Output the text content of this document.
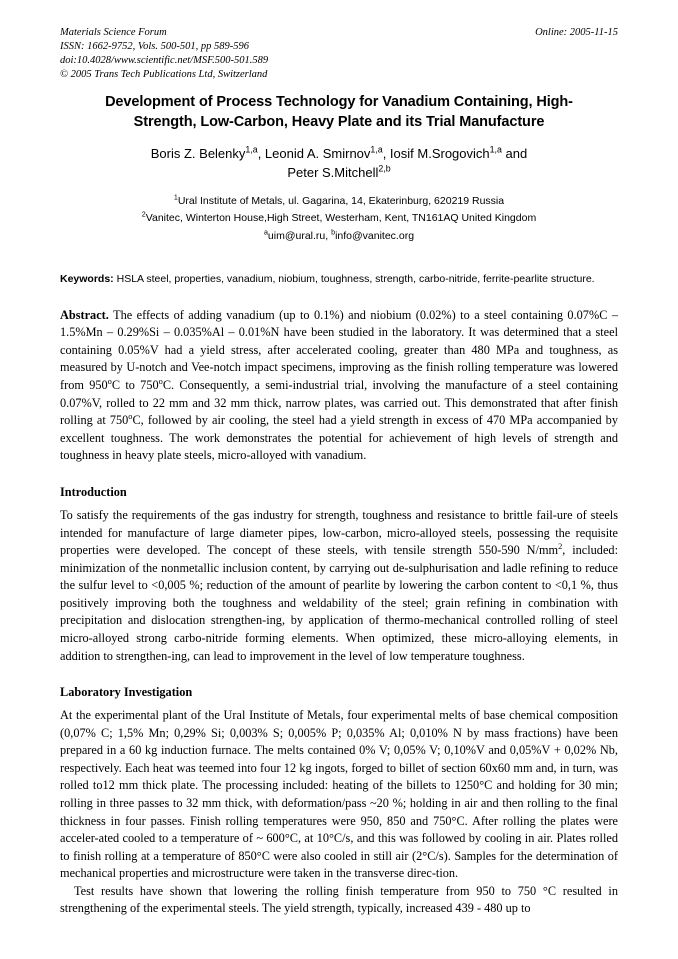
Online: 2005-11-15
Materials Science Forum
ISSN: 1662-9752, Vols. 500-501, pp 589-596
doi:10.4028/www.scientific.net/MSF.500-501.589
© 2005 Trans Tech Publications Ltd, Switzerland
Development of Process Technology for Vanadium Containing, High-
Strength, Low-Carbon, Heavy Plate and its Trial Manufacture
Boris Z. Belenky$^{1,a}$, Leonid A. Smirnov$^{1,a}$, Iosif M.Srogovich$^{1,a}$ and
Peter S.Mitchell$^{2,b}$
$^1$Ural Institute of Metals, ul. Gagarina, 14, Ekaterinburg, 620219 Russia
$^2$Vanitec, Winterton House,High Street, Westerham, Kent, TN161AQ United Kingdom
$^a$uim@ural.ru, $^b$info@vanitec.org
Keywords: HSLA steel, properties, vanadium, niobium, toughness, strength, carbo-nitride, ferrite-pearlite structure.
Abstract. The effects of adding vanadium (up to 0.1%) and niobium (0.02%) to a steel containing 0.07%C – 1.5%Mn – 0.29%Si – 0.035%Al – 0.01%N have been studied in the laboratory. It was determined that a steel containing 0.05%V had a yield stress, after accelerated cooling, greater than 480 MPa and toughness, as measured by U-notch and Vee-notch impact specimens, improving as the finish rolling temperature was lowered from 950$^o$C to 750$^o$C. Consequently, a semi-industrial trial, involving the manufacture of a steel containing 0.07%V, rolled to 22 mm and 32 mm thick, narrow plates, was carried out. This demonstrated that after finish rolling at 750$^o$C, followed by air cooling, the steel had a yield strength in excess of 470 MPa accompanied by excellent toughness. The work demonstrates the potential for achievement of high levels of strength and toughness in heavy plate steels, micro-alloyed with vanadium.
Introduction

To satisfy the requirements of the gas industry for strength, toughness and resistance to brittle fail-ure of steels intended for manufacture of large diameter pipes, low-carbon, micro-alloyed steels, possessing the requisite properties were developed. The concept of these steels, with tensile strength 550-590 $N/mm^2$, included: minimization of the nonmetallic inclusion content, by carrying out de-sulphurisation and ladle refining to reduce the sulfur level to <0,005 %; reduction of the amount of pearlite by lowering the carbon content to <0,1 %, thus positively improving both the toughness and weldability of the steel; grain refining in combination with precipitation and dislocation strengthen-ing, by application of thermo-mechanical controlled rolling of steel micro-alloyed strong carbo-nitride forming elements. When optimized, these micro-alloying elements, in addition to strengthen-ing, can lead to improvement in the level of low temperature toughness.

Laboratory Investigation

At the experimental plant of the Ural Institute of Metals, four experimental melts of base chemical composition (0,07% C; 1,5% Mn; 0,29% Si; 0,003% S; 0,005% P; 0,035% Al; 0,010% N by mass fractions) have been prepared in a 60 kg induction furnace. The melts contained 0% V; 0,05% V; 0,10%V and 0,05%V + 0,02% Nb, respectively. Each heat was teemed into four 12 kg ingots, forged to billet of section 60x60 mm and, in turn, was rolled to12 mm thick plate. The processing included: heating of the billets to 1250°C and holding for 30 min; rolling in three passes to 32 mm thick, with deformation/pass ~20 %; holding in air and then rolling to the final thickness in four passes. Finish rolling temperatures were 950, 850 and 750°C. After rolling the plates were acceler-ated cooled to a temperature of ~ 600°C, at 10°C/s, and this was followed by cooling in air. Plates rolled to finish rolling at a temperature of 850°C were also cooled in still air (2°C/s). Samples for the determination of mechanical properties and microstructure were taken in the transverse direc-tion.

Test results have shown that lowering the rolling finish temperature from 950 to 750 °C resulted in strengthening of the experimental steels. The yield strength, typically, increased 439 - 480 up to
